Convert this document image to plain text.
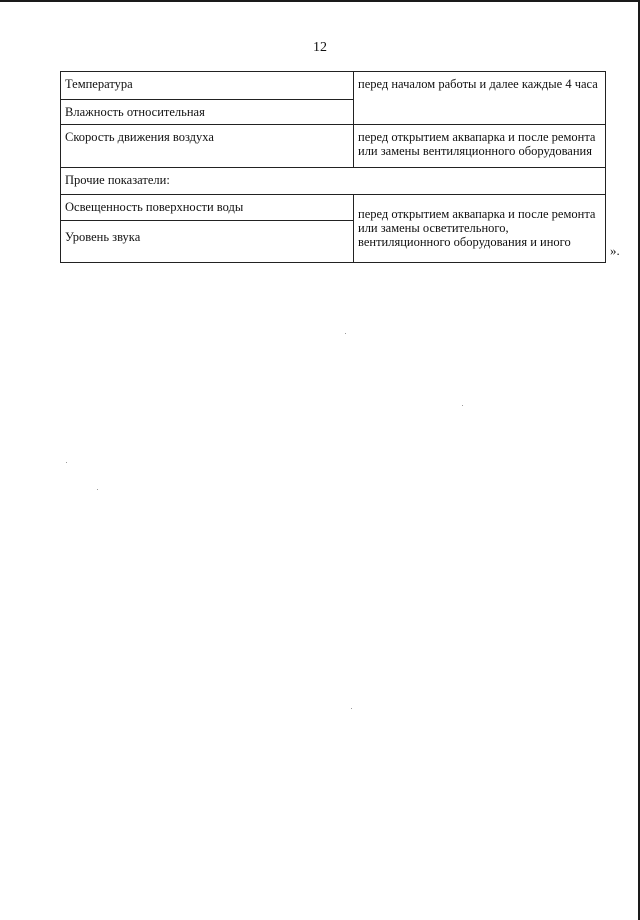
12
Температура	перед началом работы и далее каждые 4 часа
Влажность относительная	
Скорость движения воздуха	перед открытием аквапарка и после ремонта или замены вентиляционного оборудования
Прочие показатели:	
Освещенность поверхности воды	перед открытием аквапарка и после ремонта или замены осветительного, вентиляционного оборудования и иного
Уровень звука	
».
